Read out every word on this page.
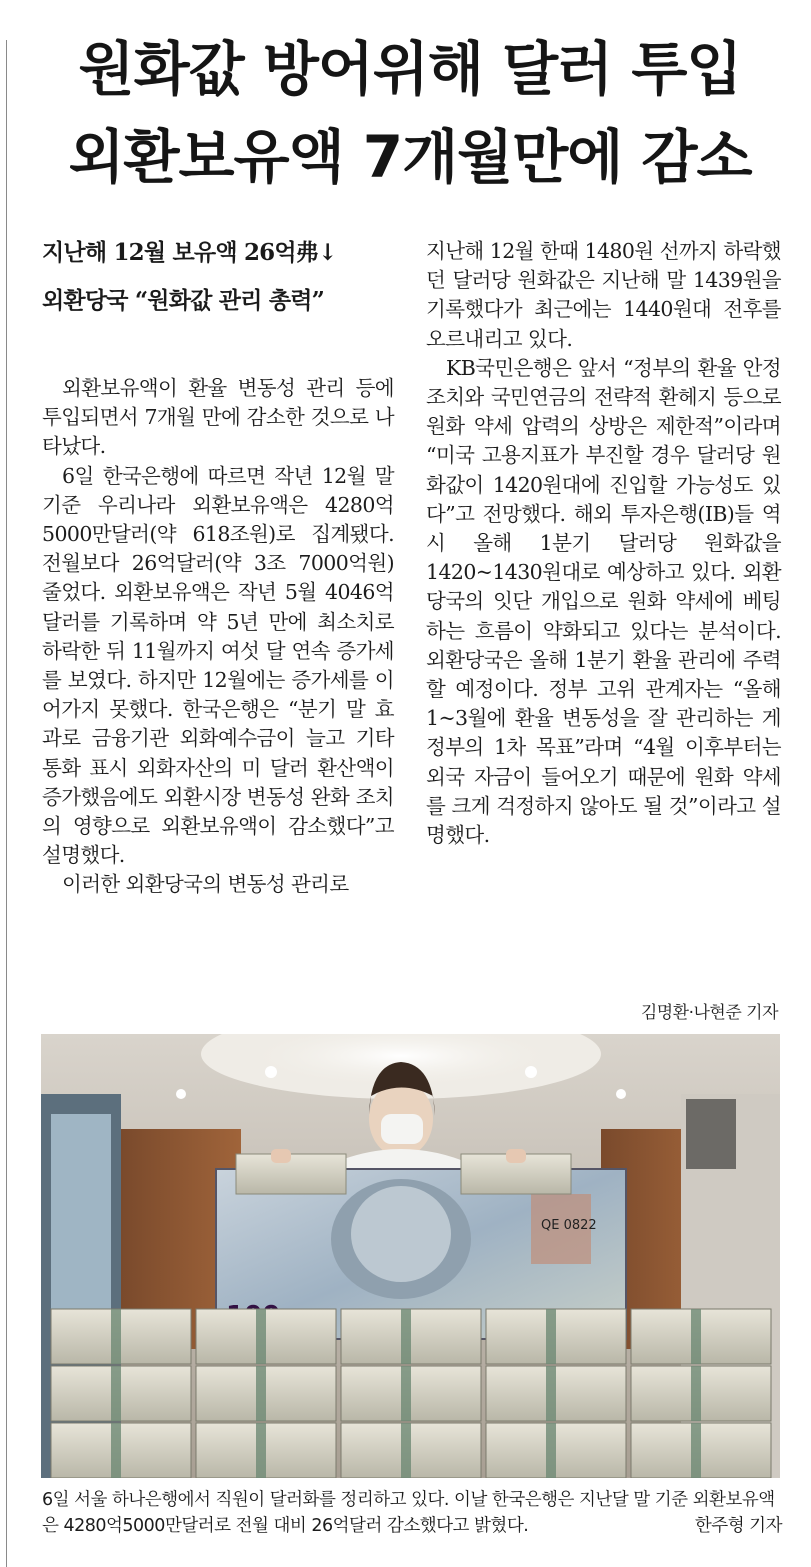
원화값 방어위해 달러 투입
외환보유액 7개월만에 감소
지난해 12월 보유액 26억弗↓
외환당국 “원화값 관리 총력”

외환보유액이 환율 변동성 관리 등에 투입되면서 7개월 만에 감소한 것으로 나타났다.

6일 한국은행에 따르면 작년 12월 말 기준 우리나라 외환보유액은 4280억5000만달러(약 618조원)로 집계됐다. 전월보다 26억달러(약 3조 7000억원) 줄었다. 외환보유액은 작년 5월 4046억달러를 기록하며 약 5년 만에 최소치로 하락한 뒤 11월까지 여섯 달 연속 증가세를 보였다. 하지만 12월에는 증가세를 이어가지 못했다. 한국은행은 “분기 말 효과로 금융기관 외화예수금이 늘고 기타 통화 표시 외화자산의 미 달러 환산액이 증가했음에도 외환시장 변동성 완화 조치의 영향으로 외환보유액이 감소했다”고 설명했다.

이러한 외환당국의 변동성 관리로

지난해 12월 한때 1480원 선까지 하락했던 달러당 원화값은 지난해 말 1439원을 기록했다가 최근에는 1440원대 전후를 오르내리고 있다.

KB국민은행은 앞서 “정부의 환율 안정 조치와 국민연금의 전략적 환헤지 등으로 원화 약세 압력의 상방은 제한적”이라며 “미국 고용지표가 부진할 경우 달러당 원화값이 1420원대에 진입할 가능성도 있다”고 전망했다. 해외 투자은행(IB)들 역시 올해 1분기 달러당 원화값을 1420~1430원대로 예상하고 있다. 외환당국의 잇단 개입으로 원화 약세에 베팅하는 흐름이 약화되고 있다는 분석이다. 외환당국은 올해 1분기 환율 관리에 주력할 예정이다. 정부 고위 관계자는 “올해 1~3월에 환율 변동성을 잘 관리하는 게 정부의 1차 목표”라며 “4월 이후부터는 외국 자금이 들어오기 때문에 원화 약세를 크게 걱정하지 않아도 될 것”이라고 설명했다.

김명환·나현준 기자
QE 0822
6일 서울 하나은행에서 직원이 달러화를 정리하고 있다. 이날 한국은행은 지난달 말 기준 외환보유액은 4280억5000만달러로 전월 대비 26억달러 감소했다고 밝혔다.	한주형 기자
